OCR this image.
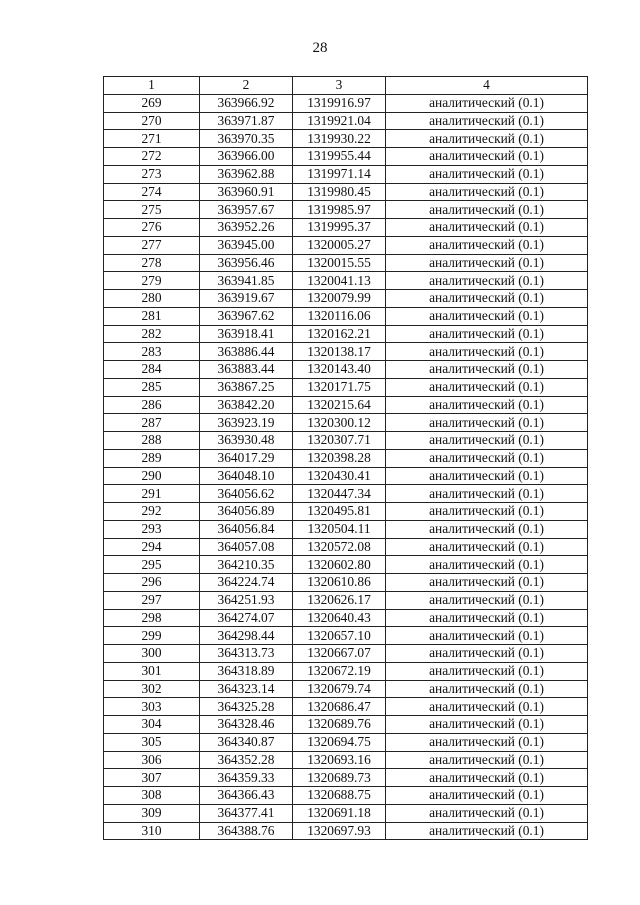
28
1	2	3	4
269	363966.92	1319916.97	аналитический (0.1)
270	363971.87	1319921.04	аналитический (0.1)
271	363970.35	1319930.22	аналитический (0.1)
272	363966.00	1319955.44	аналитический (0.1)
273	363962.88	1319971.14	аналитический (0.1)
274	363960.91	1319980.45	аналитический (0.1)
275	363957.67	1319985.97	аналитический (0.1)
276	363952.26	1319995.37	аналитический (0.1)
277	363945.00	1320005.27	аналитический (0.1)
278	363956.46	1320015.55	аналитический (0.1)
279	363941.85	1320041.13	аналитический (0.1)
280	363919.67	1320079.99	аналитический (0.1)
281	363967.62	1320116.06	аналитический (0.1)
282	363918.41	1320162.21	аналитический (0.1)
283	363886.44	1320138.17	аналитический (0.1)
284	363883.44	1320143.40	аналитический (0.1)
285	363867.25	1320171.75	аналитический (0.1)
286	363842.20	1320215.64	аналитический (0.1)
287	363923.19	1320300.12	аналитический (0.1)
288	363930.48	1320307.71	аналитический (0.1)
289	364017.29	1320398.28	аналитический (0.1)
290	364048.10	1320430.41	аналитический (0.1)
291	364056.62	1320447.34	аналитический (0.1)
292	364056.89	1320495.81	аналитический (0.1)
293	364056.84	1320504.11	аналитический (0.1)
294	364057.08	1320572.08	аналитический (0.1)
295	364210.35	1320602.80	аналитический (0.1)
296	364224.74	1320610.86	аналитический (0.1)
297	364251.93	1320626.17	аналитический (0.1)
298	364274.07	1320640.43	аналитический (0.1)
299	364298.44	1320657.10	аналитический (0.1)
300	364313.73	1320667.07	аналитический (0.1)
301	364318.89	1320672.19	аналитический (0.1)
302	364323.14	1320679.74	аналитический (0.1)
303	364325.28	1320686.47	аналитический (0.1)
304	364328.46	1320689.76	аналитический (0.1)
305	364340.87	1320694.75	аналитический (0.1)
306	364352.28	1320693.16	аналитический (0.1)
307	364359.33	1320689.73	аналитический (0.1)
308	364366.43	1320688.75	аналитический (0.1)
309	364377.41	1320691.18	аналитический (0.1)
310	364388.76	1320697.93	аналитический (0.1)
